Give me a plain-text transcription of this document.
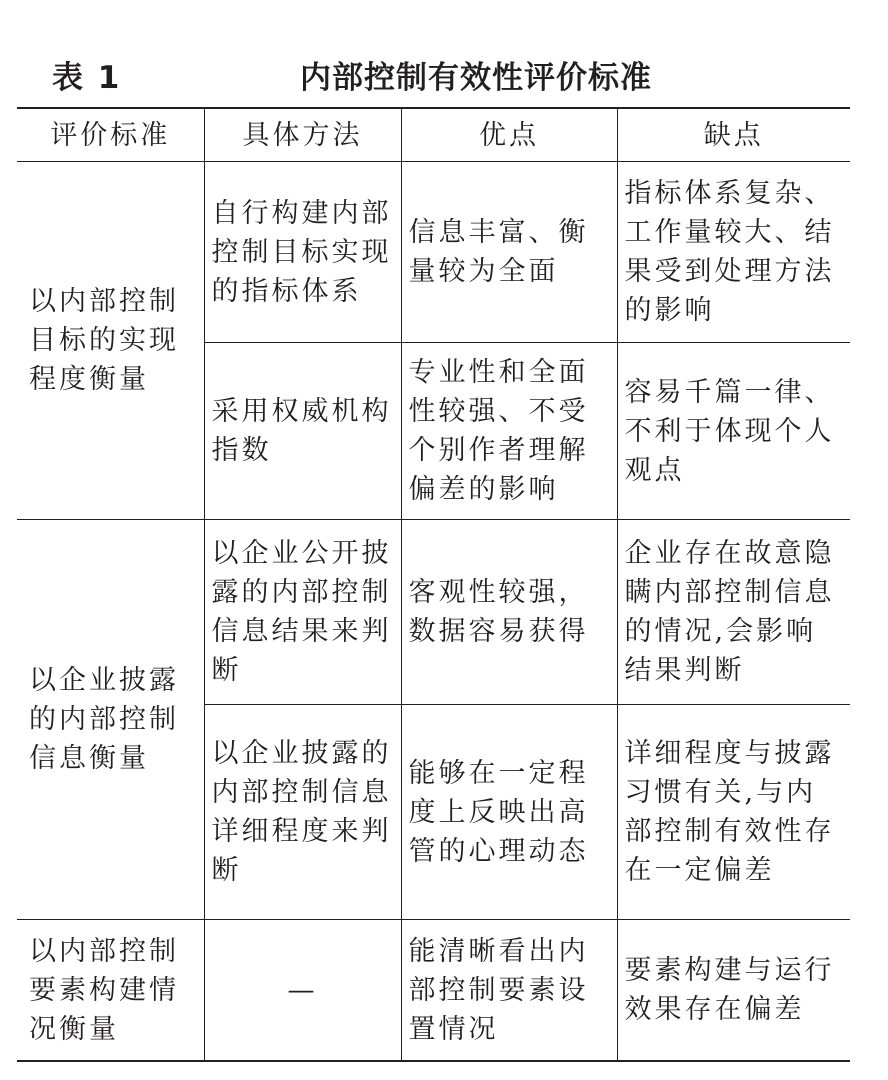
表 1	内部控制有效性评价标准
评价标准	具体方法	优点	缺点
以内部控制目标的实现程度衡量	自行构建内部控制目标实现的指标体系	信息丰富、衡量较为全面	指标体系复杂、工作量较大、结果受到处理方法的影响
	采用权威机构指数	专业性和全面性较强、不受个别作者理解偏差的影响	容易千篇一律、不利于体现个人观点
以企业披露的内部控制信息衡量	以企业公开披露的内部控制信息结果来判断	客观性较强，数据容易获得	企业存在故意隐瞒内部控制信息的情况,会影响结果判断
	以企业披露的内部控制信息详细程度来判断	能够在一定程度上反映出高管的心理动态	详细程度与披露习惯有关,与内部控制有效性存在一定偏差
以内部控制要素构建情况衡量	—	能清晰看出内部控制要素设置情况	要素构建与运行效果存在偏差
